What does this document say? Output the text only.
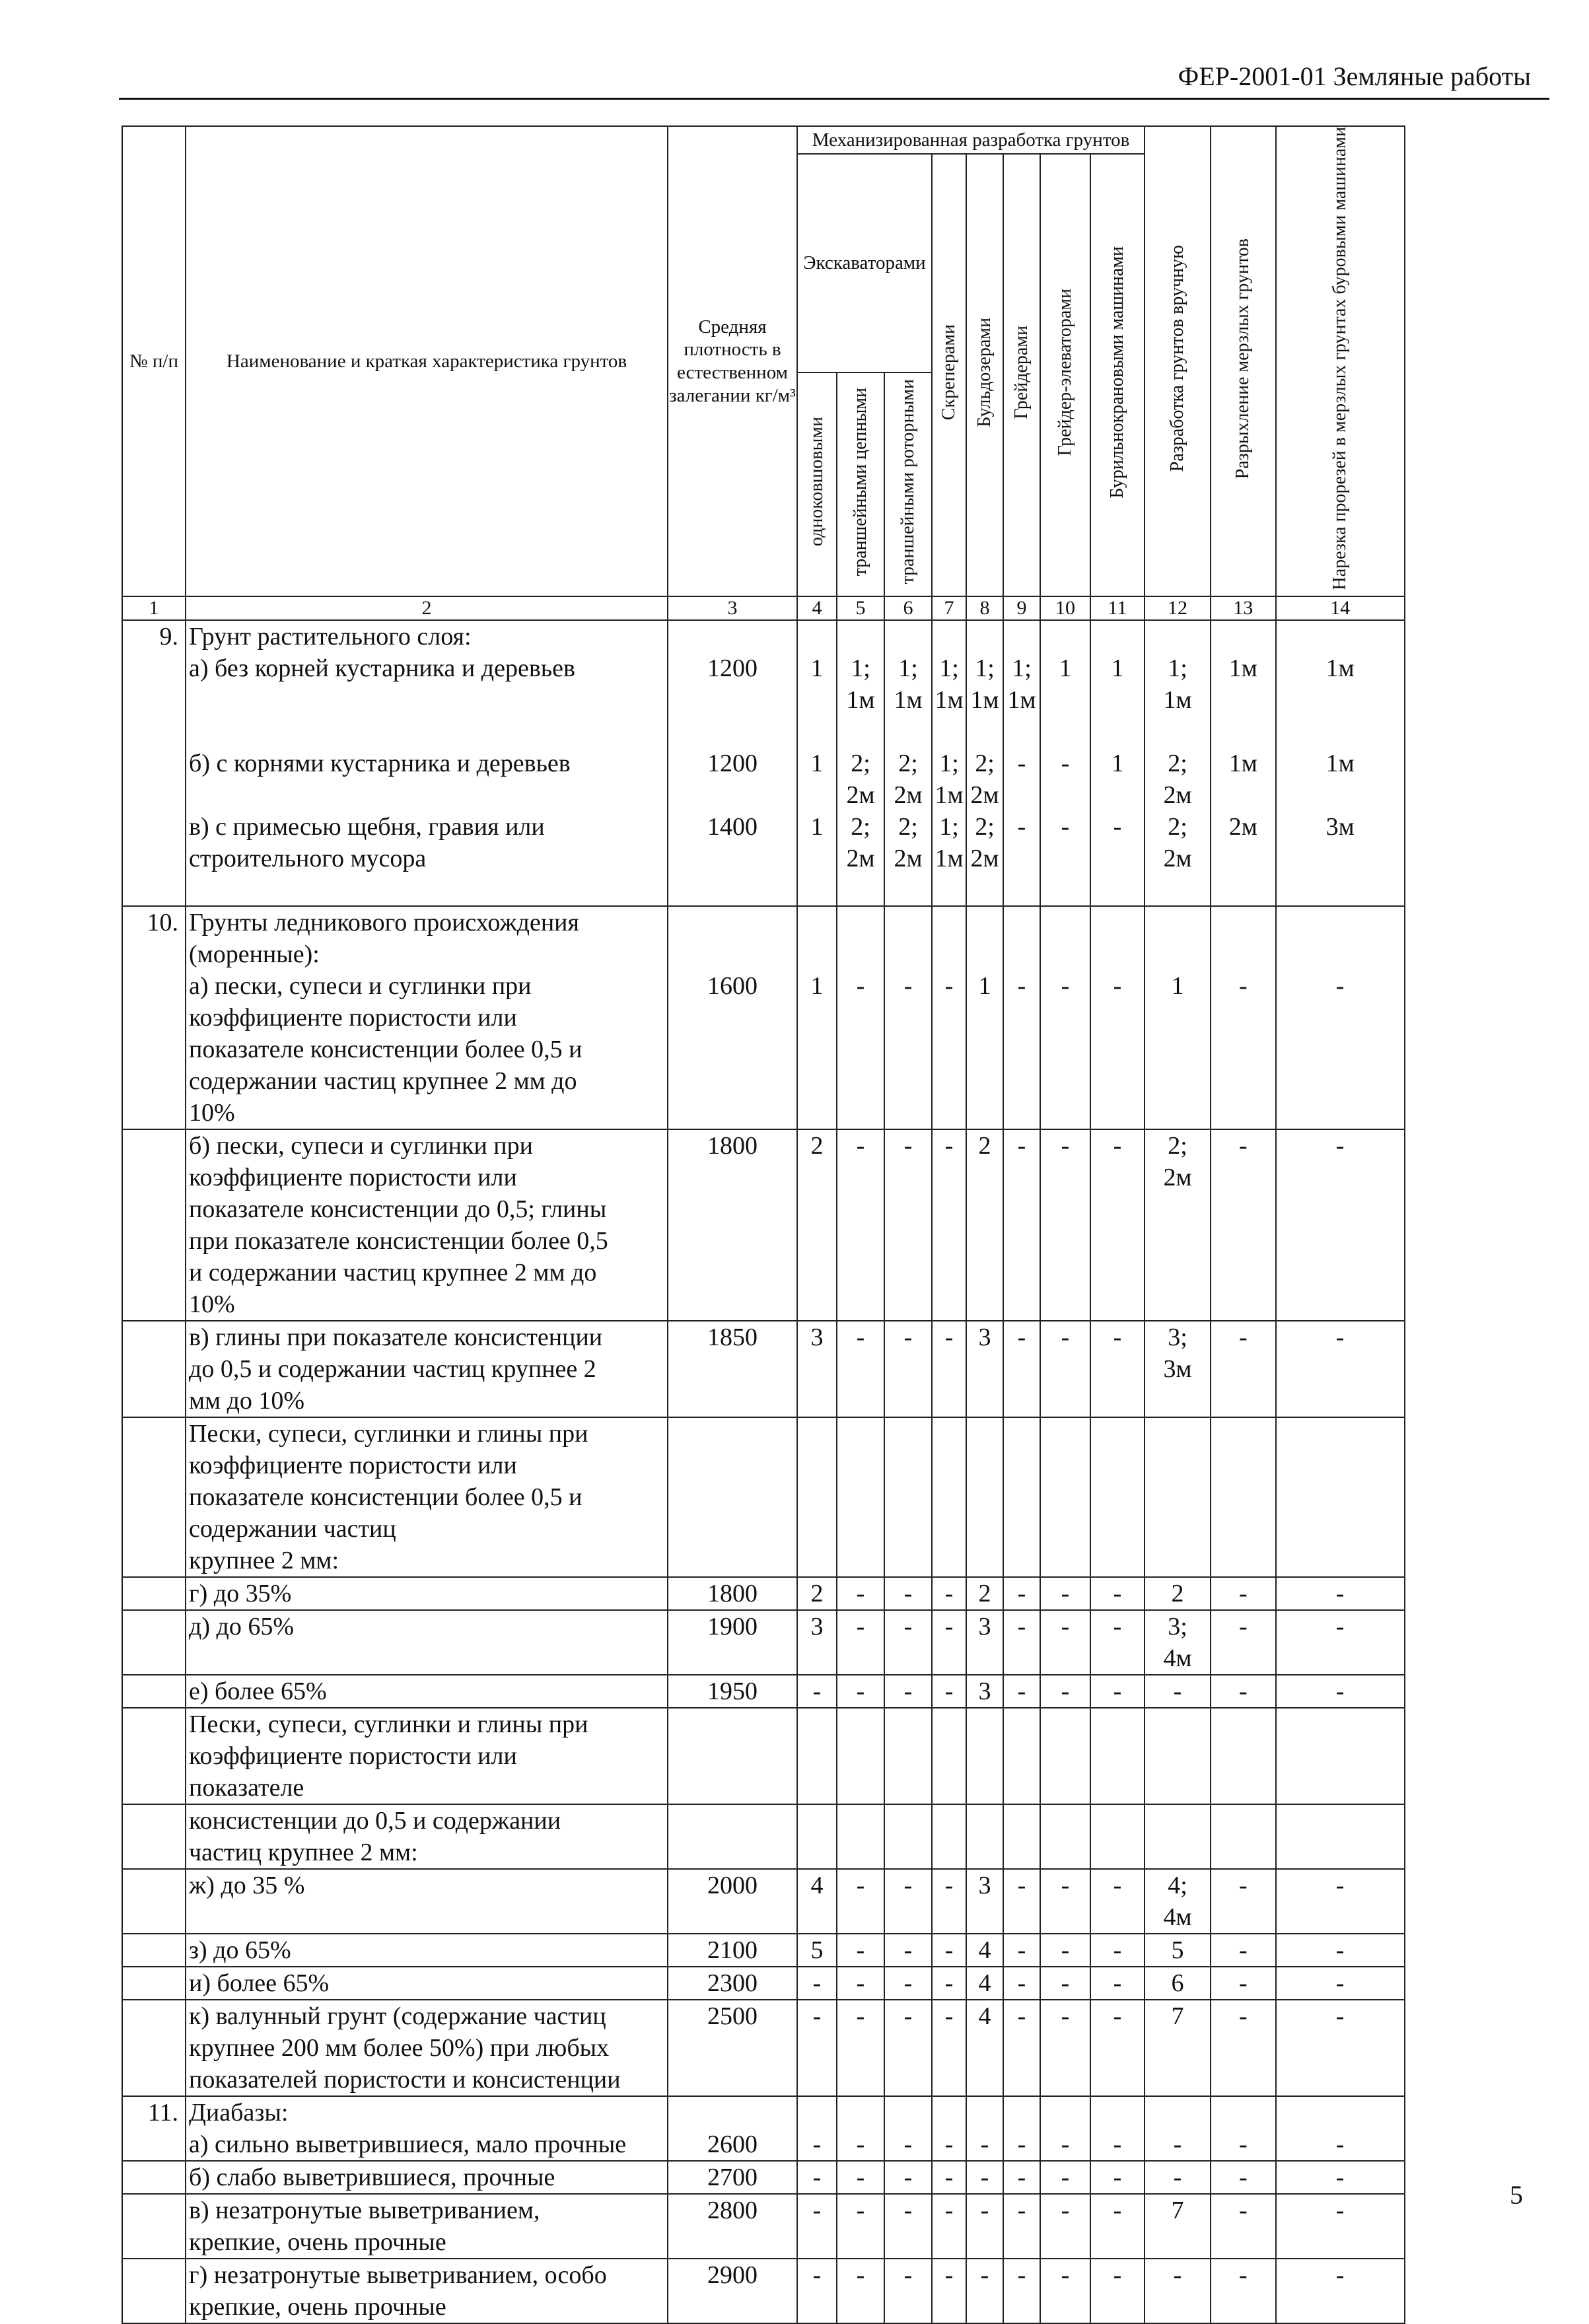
ФЕР-2001-01 Земляные работы
№ п/п	Наименование и краткая характеристика грунтов	Средняя плотность в естественном залегании кг/м³	Механизированная разработка грунтов								Разработка грунтов вручную	Разрыхление мерзлых грунтов	Нарезка прорезей в мерзлых грунтах буровыми машинами
			Экскаваторами			Скреперами	Бульдозерами	Грейдерами	Грейдер-элеваторами	Бурильнокрановыми машинами			
			одноковшовыми	траншейными цепными	траншейными роторными								
1	2	3	4	5	6	7	8	9	10	11	12	13	14
9.	Грунт растительного слоя:												
	а) без корней кустарника и деревьев	1200	1	1;	1;	1;	1;	1;	1	1	1;	1м	1м
				1м	1м	1м	1м	1м			1м		

	б) с корнями кустарника и деревьев	1200	1	2;	2;	1;	2;	-	-	1	2;	1м	1м
				2м	2м	1м	2м				2м		
	в) с примесью щебня, гравия или	1400	1	2;	2;	1;	2;	-	-	-	2;	2м	3м
	строительного мусора			2м	2м	1м	2м				2м		

10.	Грунты ледникового происхождения												
	(моренные):												
	а) пески, супеси и суглинки при	1600	1	-	-	-	1	-	-	-	1	-	-
	коэффициенте пористости или												
	показателе консистенции более 0,5 и												
	содержании частиц крупнее 2 мм до												
	10%												
	б) пески, супеси и суглинки при	1800	2	-	-	-	2	-	-	-	2;	-	-
	коэффициенте пористости или										2м		
	показателе консистенции до 0,5; глины												
	при показателе консистенции более 0,5												
	и содержании частиц крупнее 2 мм до												
	10%												
	в) глины при показателе консистенции	1850	3	-	-	-	3	-	-	-	3;	-	-
	до 0,5 и содержании частиц крупнее 2										3м		
	мм до 10%												
	Пески, супеси, суглинки и глины при												
	коэффициенте пористости или												
	показателе консистенции более 0,5 и												
	содержании частиц												
	крупнее 2 мм:												
	г) до 35%	1800	2	-	-	-	2	-	-	-	2	-	-
	д) до 65%	1900	3	-	-	-	3	-	-	-	3;	-	-
											4м		
	е) более 65%	1950	-	-	-	-	3	-	-	-	-	-	-
	Пески, супеси, суглинки и глины при												
	коэффициенте пористости или												
	показателе												
	консистенции до 0,5 и содержании												
	частиц крупнее 2 мм:												
	ж) до 35 %	2000	4	-	-	-	3	-	-	-	4;	-	-
											4м		
	з) до 65%	2100	5	-	-	-	4	-	-	-	5	-	-
	и) более 65%	2300	-	-	-	-	4	-	-	-	6	-	-
	к) валунный грунт (содержание частиц	2500	-	-	-	-	4	-	-	-	7	-	-
	крупнее 200 мм более 50%) при любых												
	показателей пористости и консистенции												
11.	Диабазы:												
	а) сильно выветрившиеся, мало прочные	2600	-	-	-	-	-	-	-	-	-	-	-
	б) слабо выветрившиеся, прочные	2700	-	-	-	-	-	-	-	-	-	-	-
	в) незатронутые выветриванием,	2800	-	-	-	-	-	-	-	-	7	-	-
	крепкие, очень прочные												
	г) незатронутые выветриванием, особо	2900	-	-	-	-	-	-	-	-	-	-	-
	крепкие, очень прочные												

5
